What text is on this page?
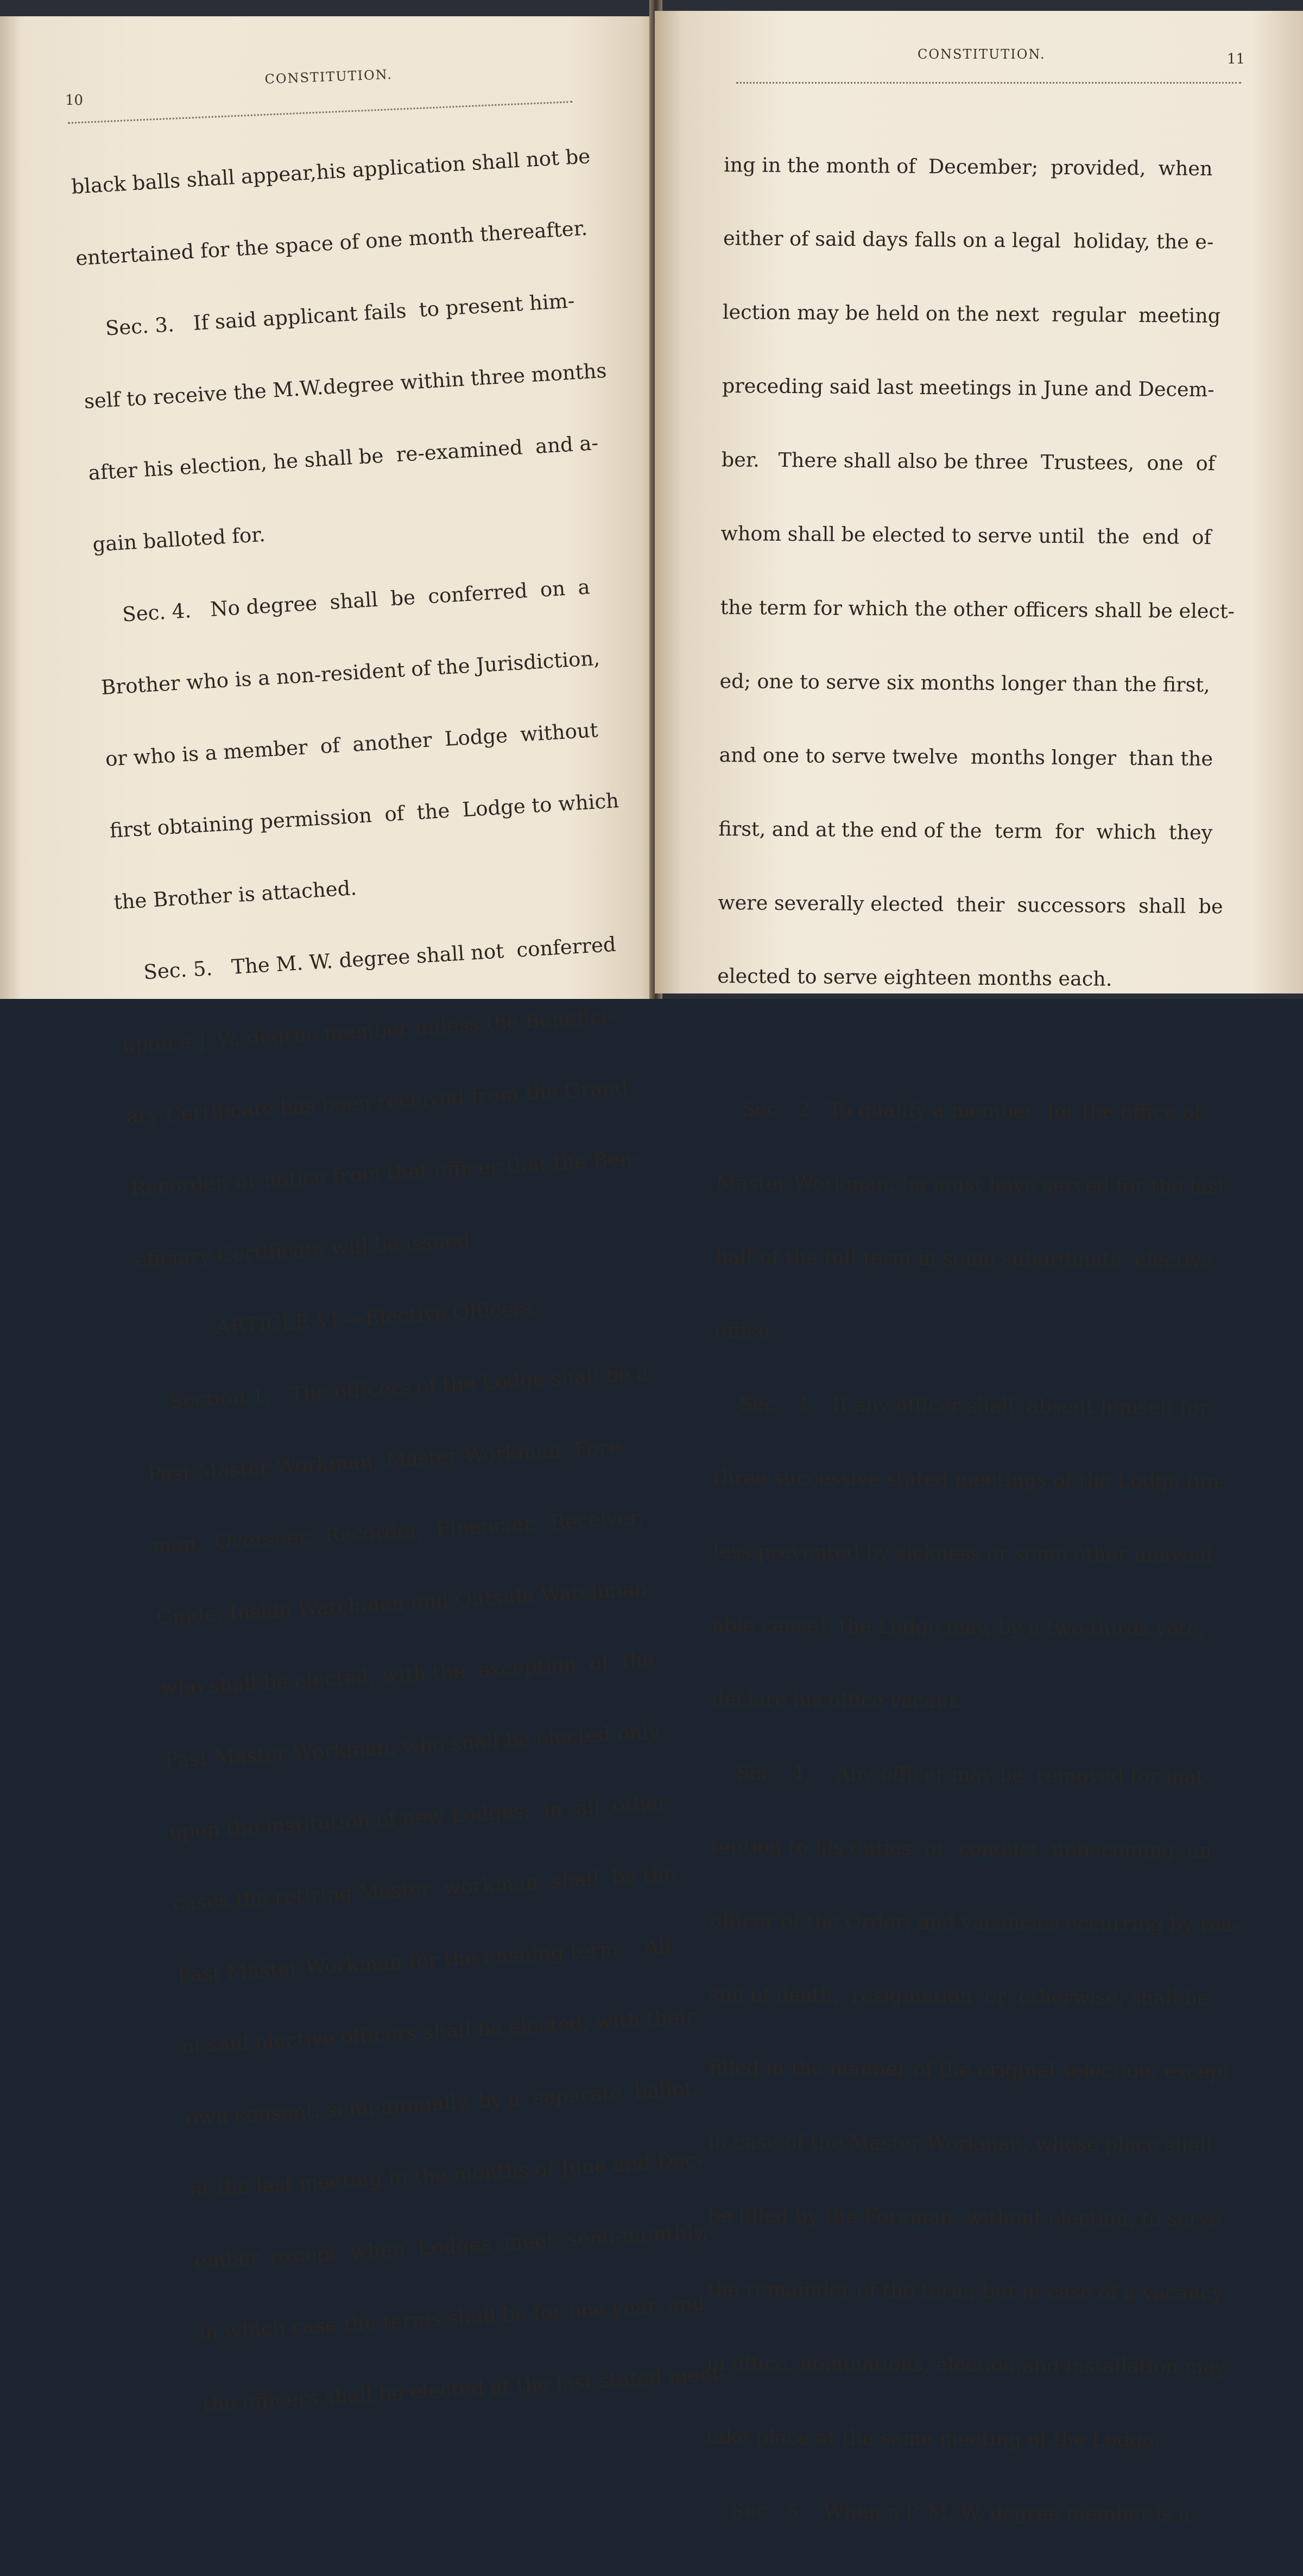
10
CONSTITUTION.

black balls shall appear,his application shall not be

entertained for the space of one month thereafter.

Sec. 3.   If said applicant fails  to present him-

self to receive the M.W.degree within three months

after his election, he shall be  re-examined  and a-

gain balloted for.

Sec. 4.   No degree  shall  be  conferred  on  a

Brother who is a non-resident of the Jurisdiction,

or who is a member  of  another  Lodge  without

first obtaining permission  of  the  Lodge to which

the Brother is attached.

Sec. 5.   The M. W. degree shall not  conferred

upon a J. W. degree member unless the Benefici-

ary Certificate has been received from the Grand

Recorder, or notice from that officer that the Ben-

eficiary Certificate will be issued.

ARTICLE VI.—Elective Officers.

Section 1.   The officers of the Lodge shall be a

Past Master Workman, Master Workman, Fore-

man,  Overseer,  Recorder,  Financier,  Receiver,

Guide, Inside Watchman and Outside Watchman,

who shall be elected, with the  exception  of  the

Past Master Workman, who shall be elected only

upon the institution of new Lodges;  in  all  other

cases the retiring Master  workman  shall  be the

Past Master Workman for the ensuing term.   All

of said elective officers shall be elected, with their

own consent, semi-annually, by a  separate  ballot,

at the last meeting in the months of June and Dec-

ember, except  when  Lodges  meet  semi-monthly,

in which case the terms shall be for one year, and

the officers shall be elected at the last stated meet-

CONSTITUTION.	11

ing in the month of  December;  provided,  when

either of said days falls on a legal  holiday, the e-

lection may be held on the next  regular  meeting

preceding said last meetings in June and Decem-

ber.   There shall also be three  Trustees,  one  of

whom shall be elected to serve until  the  end  of

the term for which the other officers shall be elect-

ed; one to serve six months longer than the first,

and one to serve twelve  months longer  than the

first, and at the end of the  term  for  which  they

were severally elected  their  successors  shall  be

elected to serve eighteen months each.

Sec.  2   To qualify a member  for the office of

Master Workman, he must have served for the last

half of the full term in some subordinate  elective

office.

Sec.  3.   If any officer shall  absent himself for

three successive stated meetings of the Lodge (un-

less prevented by sickness or some other unavoid-

able cause), the Lodge may, by a two-thirds vote,

declare his office vacant.

Sec.  4,    Any officer may be  removed for inat-

tention to his duties, or  conduct  unbecoming  an

officer of the Order; and vacancies occurring by rea-

son of death,  resigination  or  otherwise, shall be

filled in the manner of the original selection, except

in case of the Master Workman, whose place shall

be filled by the Foreman, without election, to serve

the remainder of the term; but in case of a vacancy

in office, nominations, election,and installation may

take place at the same meeting of the Lodge.

Sec.  5.   When a P. M. W. degree member is a
